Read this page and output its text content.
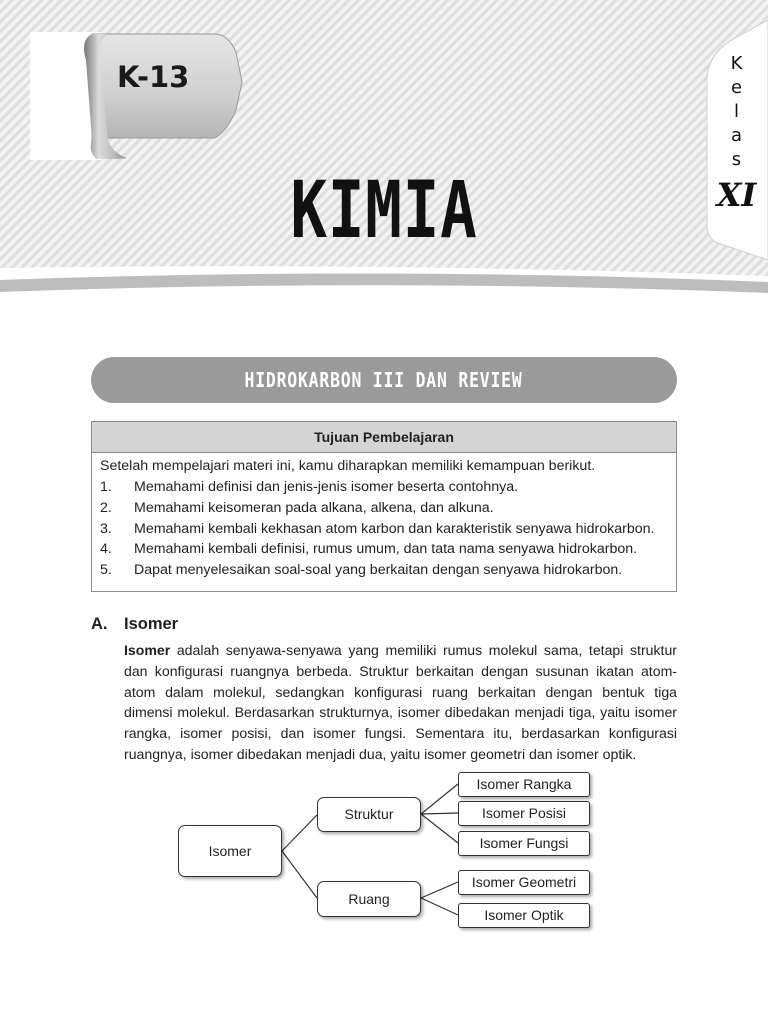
K-13
KIMIA
K
e
l
a
s
XI
HIDROKARBON III DAN REVIEW
Tujuan Pembelajaran
Setelah mempelajari materi ini, kamu diharapkan memiliki kemampuan berikut.
1. Memahami definisi dan jenis-jenis isomer beserta contohnya.
2. Memahami keisomeran pada alkana, alkena, dan alkuna.
3. Memahami kembali kekhasan atom karbon dan karakteristik senyawa hidrokarbon.
4. Memahami kembali definisi, rumus umum, dan tata nama senyawa hidrokarbon.
5. Dapat menyelesaikan soal-soal yang berkaitan dengan senyawa hidrokarbon.
A. Isomer

Isomer adalah senyawa-senyawa yang memiliki rumus molekul sama, tetapi struktur dan konfigurasi ruangnya berbeda. Struktur berkaitan dengan susunan ikatan atom-atom dalam molekul, sedangkan konfigurasi ruang berkaitan dengan bentuk tiga dimensi molekul. Berdasarkan strukturnya, isomer dibedakan menjadi tiga, yaitu isomer rangka, isomer posisi, dan isomer fungsi. Sementara itu, berdasarkan konfigurasi ruangnya, isomer dibedakan menjadi dua, yaitu isomer geometri dan isomer optik.

Isomer
Struktur
Ruang
Isomer Rangka
Isomer Posisi
Isomer Fungsi
Isomer Geometri
Isomer Optik
